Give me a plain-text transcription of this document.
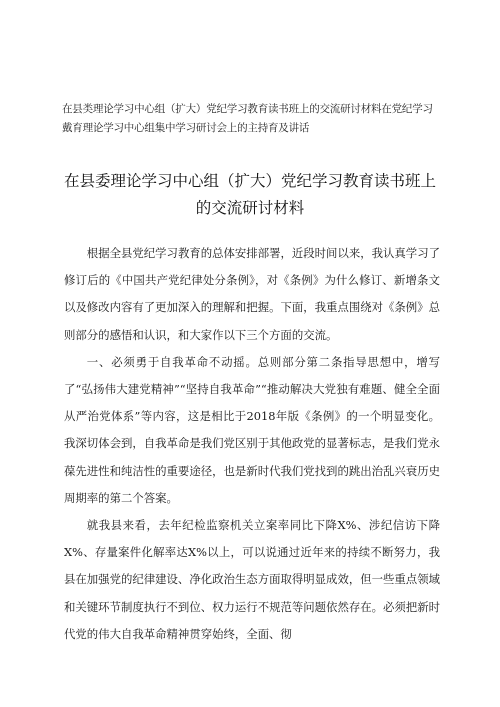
在县类理论学习中心组（扩大）党纪学习教育读书班上的交流研讨材料在党纪学习戴育理论学习中心组集中学习研讨会上的主持育及讲话
在县委理论学习中心组（扩大）党纪学习教育读书班上
的交流研讨材料

根据全县党纪学习教育的总体安排部署，近段时间以来，我认真学习了修订后的《中国共产党纪律处分条例》，对《条例》为什么修订、新增条文以及修改内容有了更加深入的理解和把握。下面，我重点围绕对《条例》总则部分的感悟和认识，和大家作以下三个方面的交流。

一、必须勇于自我革命不动摇。总则部分第二条指导思想中，增写了“弘扬伟大建党精神”“坚持自我革命”“推动解决大党独有难题、健全全面从严治党体系”等内容，这是相比于2018年版《条例》的一个明显变化。我深切体会到，自我革命是我们党区别于其他政党的显著标志，是我们党永葆先进性和纯洁性的重要途径，也是新时代我们党找到的跳出治乱兴衰历史周期率的第二个答案。

就我县来看，去年纪检监察机关立案率同比下降X%、涉纪信访下降X%、存量案件化解率达X%以上，可以说通过近年来的持续不断努力，我县在加强党的纪律建设、净化政治生态方面取得明显成效，但一些重点领域和关键环节制度执行不到位、权力运行不规范等问题依然存在。必须把新时代党的伟大自我革命精神贯穿始终，全面、彻
